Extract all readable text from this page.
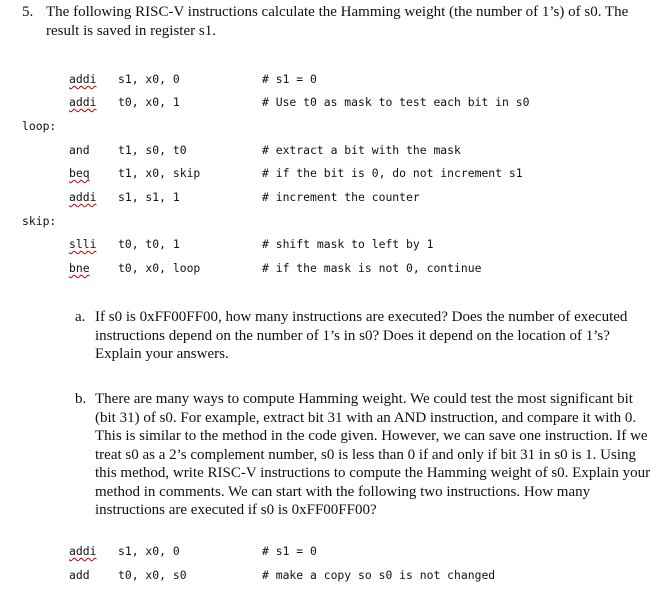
5. The following RISC-V instructions calculate the Hamming weight (the number of 1’s) of s0. The result is saved in register s1.
addi s1, x0, 0	# s1 = 0
addi t0, x0, 1	# Use t0 as mask to test each bit in s0
loop:
and t1, s0, t0	# extract a bit with the mask
beq t1, x0, skip	# if the bit is 0, do not increment s1
addi s1, s1, 1	# increment the counter
skip:
slli t0, t0, 1	# shift mask to left by 1
bne t0, x0, loop	# if the mask is not 0, continue
a. If s0 is 0xFF00FF00, how many instructions are executed? Does the number of executed instructions depend on the number of 1’s in s0? Does it depend on the location of 1’s? Explain your answers.
b. There are many ways to compute Hamming weight. We could test the most significant bit (bit 31) of s0. For example, extract bit 31 with an AND instruction, and compare it with 0. This is similar to the method in the code given. However, we can save one instruction. If we treat s0 as a 2’s complement number, s0 is less than 0 if and only if bit 31 in s0 is 1. Using this method, write RISC-V instructions to compute the Hamming weight of s0. Explain your method in comments. We can start with the following two instructions. How many instructions are executed if s0 is 0xFF00FF00?
addi s1, x0, 0	# s1 = 0
add t0, x0, s0	# make a copy so s0 is not changed
